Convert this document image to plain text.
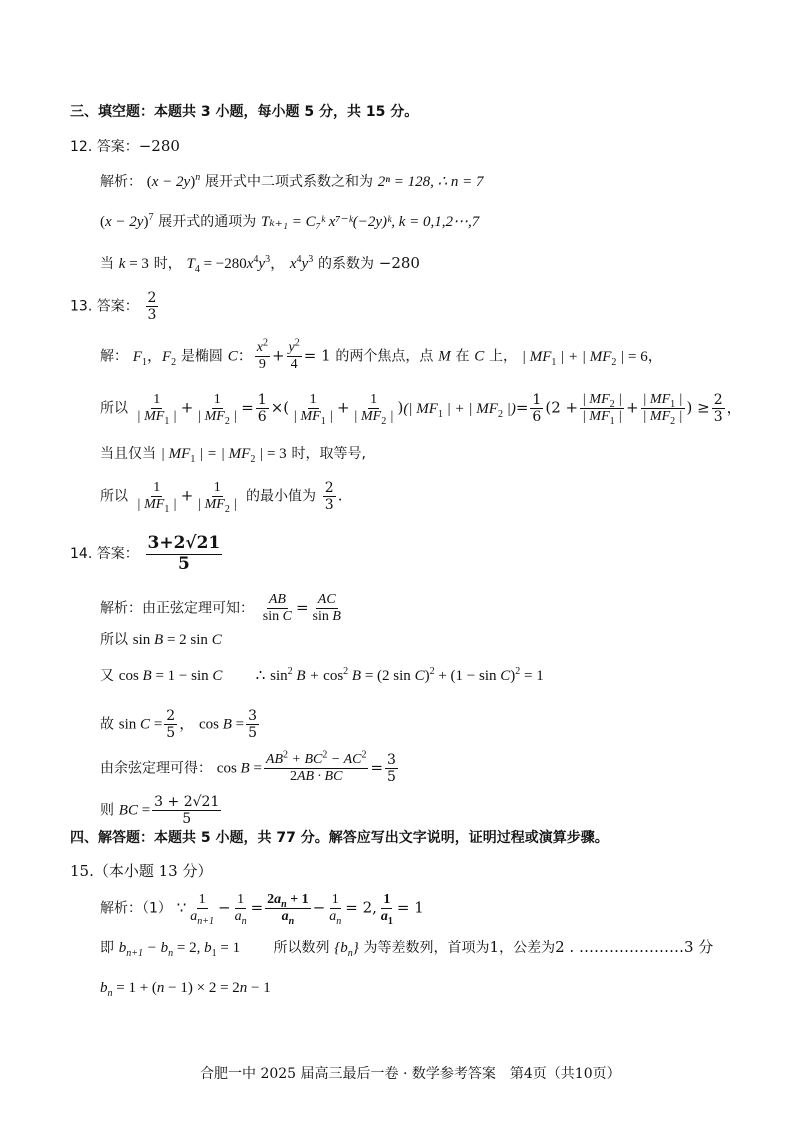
三、填空题：本题共 3 小题，每小题 5 分，共 15 分。
12. 答案：−280
解析： $(x - 2y)^n$ 展开式中二项式系数之和为 2ⁿ = 128, ∴ n = 7
$(x - 2y)^7$ 展开式的通项为 Tₖ₊₁ = C₇ᵏ x⁷⁻ᵏ(−2y)ᵏ, k = 0,1,2⋯,7
当 k = 3 时， $T_4 = -280x^4y^3$， $x^4y^3$ 的系数为 −280
13. 答案： $\frac{2}{3}$
解： $F_1$，$F_2$ 是椭圆 C： $\frac{x^2}{9} + \frac{y^2}{4} = 1$ 的两个焦点，点 M 在 C 上， | $MF_1$ | + | $MF_2$ | = 6，
所以 $\frac{1}{| MF_1 |} + \frac{1}{| MF_2 |} = \frac{1}{6}$ ×( $\frac{1}{| MF_1 |} + \frac{1}{| MF_2 |}$ )(| $MF_1$ | + | $MF_2$ |)= $\frac{1}{6} (2 + \frac{| MF_2 |}{| MF_1 |} + \frac{| MF_1 |}{| MF_2 |}$ ) ≥ $\frac{2}{3}$ ，
当且仅当 | $MF_1$ | = | $MF_2$ | = 3 时，取等号,
所以 $\frac{1}{| MF_1 |} + \frac{1}{| MF_2 |}$ 的最小值为 $\frac{2}{3}$ .
14. 答案： $\frac{3+2√21}{5}$
解析：由正弦定理可知： $\frac{AB}{\text{sin C}} = \frac{AC}{\text{sin B}}$
所以 sin B = 2 sin C
又 cos B = 1 − sin C       ∴ $\sin^2 B + \cos^2 B = (2$ $\sin C)^2 + (1 - \sin C)^2 = 1$
故 $\sin C = \frac{2}{5}$ ， $\cos B = \frac{3}{5}$
由余弦定理可得： $\cos B = \frac{AB^2 + BC^2 - AC^2}{2AB \cdot BC} = \frac{3}{5}$
则 BC = $\frac{3 + 2√21}{5}$
四、解答题：本题共 5 小题，共 77 分。解答应写出文字说明，证明过程或演算步骤。
15.（本小题 13 分）
解析：（1） ∵ $\frac{1}{a_{n+1}} - \frac{1}{a_n} = \frac{2a_n + 1}{a_n} - \frac{1}{a_n} = 2$, $\frac{1}{a_1} = 1$
即 $b_{n+1} - b_n = 2$, $b_1 = 1$ 所以数列 $\{b_n\}$ 为等差数列，首项为1，公差为2 . …………………3 分
$b_n = 1 + (n - 1) \times 2 = 2n - 1$
合肥一中 2025 届高三最后一卷 · 数学参考答案　第4页（共10页）
